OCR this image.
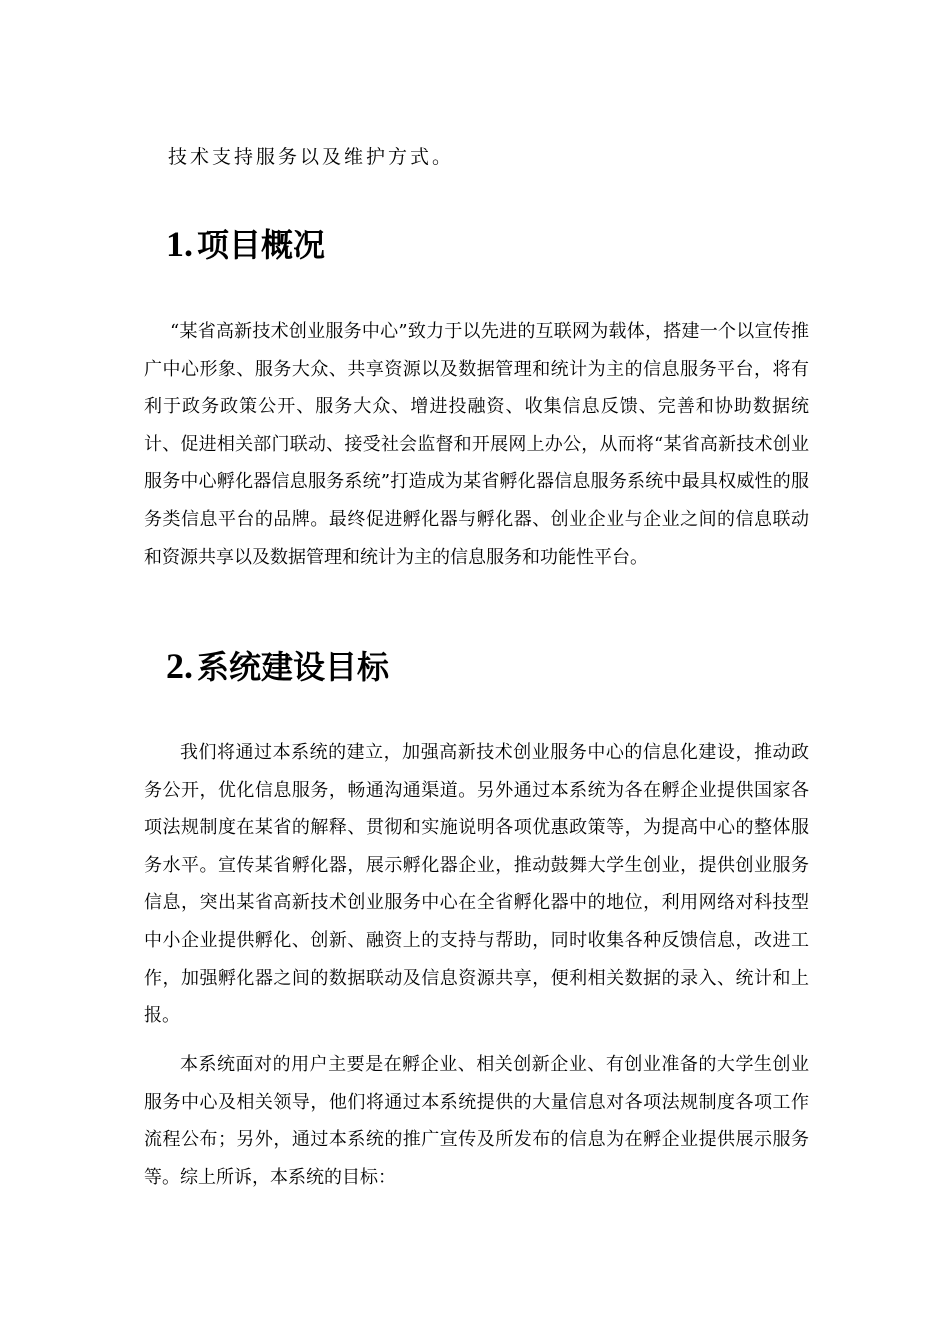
技术支持服务以及维护方式。
1. 项目概况

“某省高新技术创业服务中心”致力于以先进的互联网为载体，搭建一个以宣传推广中心形象、服务大众、共享资源以及数据管理和统计为主的信息服务平台，将有利于政务政策公开、服务大众、增进投融资、收集信息反馈、完善和协助数据统计、促进相关部门联动、接受社会监督和开展网上办公，从而将“某省高新技术创业服务中心孵化器信息服务系统”打造成为某省孵化器信息服务系统中最具权威性的服务类信息平台的品牌。最终促进孵化器与孵化器、创业企业与企业之间的信息联动和资源共享以及数据管理和统计为主的信息服务和功能性平台。

2. 系统建设目标

我们将通过本系统的建立，加强高新技术创业服务中心的信息化建设，推动政务公开，优化信息服务，畅通沟通渠道。另外通过本系统为各在孵企业提供国家各项法规制度在某省的解释、贯彻和实施说明各项优惠政策等，为提高中心的整体服务水平。宣传某省孵化器，展示孵化器企业，推动鼓舞大学生创业，提供创业服务信息，突出某省高新技术创业服务中心在全省孵化器中的地位，利用网络对科技型中小企业提供孵化、创新、融资上的支持与帮助，同时收集各种反馈信息，改进工作，加强孵化器之间的数据联动及信息资源共享，便利相关数据的录入、统计和上报。

本系统面对的用户主要是在孵企业、相关创新企业、有创业准备的大学生创业服务中心及相关领导，他们将通过本系统提供的大量信息对各项法规制度各项工作流程公布；另外，通过本系统的推广宣传及所发布的信息为在孵企业提供展示服务等。综上所诉，本系统的目标：
